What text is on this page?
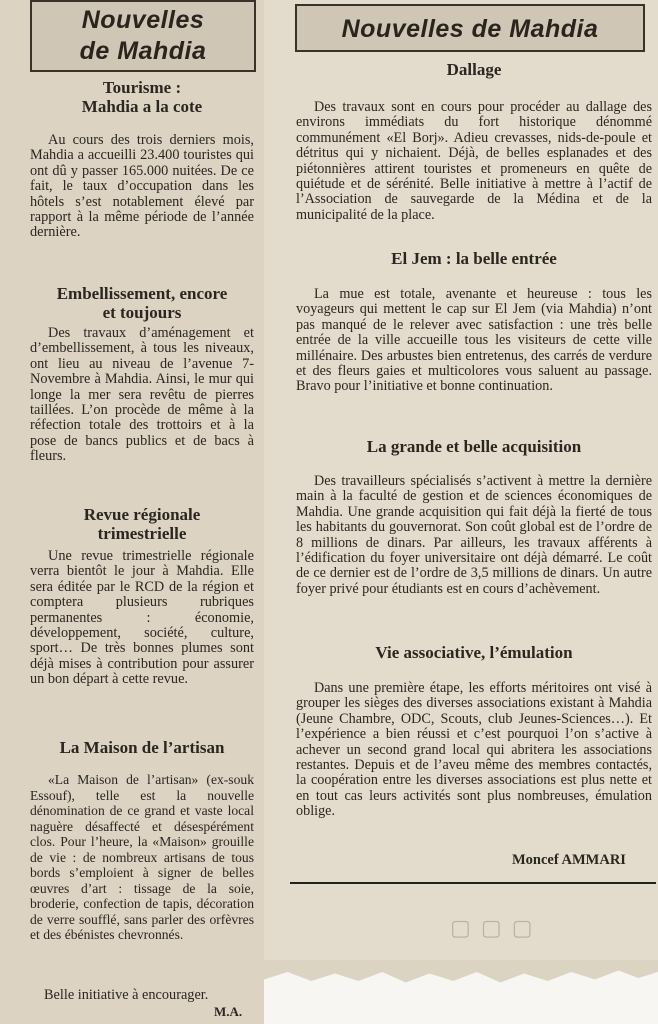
Nouvelles
de Mahdia
Tourisme :
Mahdia a la cote

Au cours des trois derniers mois, Mahdia a accueilli 23.400 touristes qui ont dû y passer 165.000 nuitées. De ce fait, le taux d’occupation dans les hôtels s’est notablement élevé par rapport à la même période de l’année dernière.

Embellissement, encore
et toujours

Des travaux d’aménagement et d’embellissement, à tous les niveaux, ont lieu au niveau de l’avenue 7-Novembre à Mahdia. Ainsi, le mur qui longe la mer sera revêtu de pierres taillées. L’on procède de même à la réfection totale des trottoirs et à la pose de bancs publics et de bacs à fleurs.

Revue régionale
trimestrielle

Une revue trimestrielle régionale verra bientôt le jour à Mahdia. Elle sera éditée par le RCD de la région et comptera plusieurs rubriques permanentes : économie, développement, société, culture, sport… De très bonnes plumes sont déjà mises à contribution pour assurer un bon départ à cette revue.

La Maison de l’artisan

«La Maison de l’artisan» (ex-souk Essouf), telle est la nouvelle dénomination de ce grand et vaste local naguère désaffecté et désespérément clos. Pour l’heure, la «Maison» grouille de vie : de nombreux artisans de tous bords s’emploient à signer de belles œuvres d’art : tissage de la soie, broderie, confection de tapis, décoration de verre soufflé, sans parler des orfèvres et des ébénistes chevronnés.

Belle initiative à encourager.

M.A.
▢ ▢ ▢
Nouvelles de Mahdia
Dallage

Des travaux sont en cours pour procéder au dallage des environs immédiats du fort historique dénommé communément «El Borj». Adieu crevasses, nids-de-poule et détritus qui y nichaient. Déjà, de belles esplanades et des piétonnières attirent touristes et promeneurs en quête de quiétude et de sérénité. Belle initiative à mettre à l’actif de l’Association de sauvegarde de la Médina et de la municipalité de la place.

El Jem : la belle entrée

La mue est totale, avenante et heureuse : tous les voyageurs qui mettent le cap sur El Jem (via Mahdia) n’ont pas manqué de le relever avec satisfaction : une très belle entrée de la ville accueille tous les visiteurs de cette ville millénaire. Des arbustes bien entretenus, des carrés de verdure et des fleurs gaies et multicolores vous saluent au passage. Bravo pour l’initiative et bonne continuation.

La grande et belle acquisition

Des travailleurs spécialisés s’activent à mettre la dernière main à la faculté de gestion et de sciences économiques de Mahdia. Une grande acquisition qui fait déjà la fierté de tous les habitants du gouvernorat. Son coût global est de l’ordre de 8 millions de dinars. Par ailleurs, les travaux afférents à l’édification du foyer universitaire ont déjà démarré. Le coût de ce dernier est de l’ordre de 3,5 millions de dinars. Un autre foyer privé pour étudiants est en cours d’achèvement.

Vie associative, l’émulation

Dans une première étape, les efforts méritoires ont visé à grouper les sièges des diverses associations existant à Mahdia (Jeune Chambre, ODC, Scouts, club Jeunes-Sciences…). Et l’expérience a bien réussi et c’est pourquoi l’on s’active à achever un second grand local qui abritera les associations restantes. Depuis et de l’aveu même des membres contactés, la coopération entre les diverses associations est plus nette et en tout cas leurs activités sont plus nombreuses, émulation oblige.

Moncef AMMARI
